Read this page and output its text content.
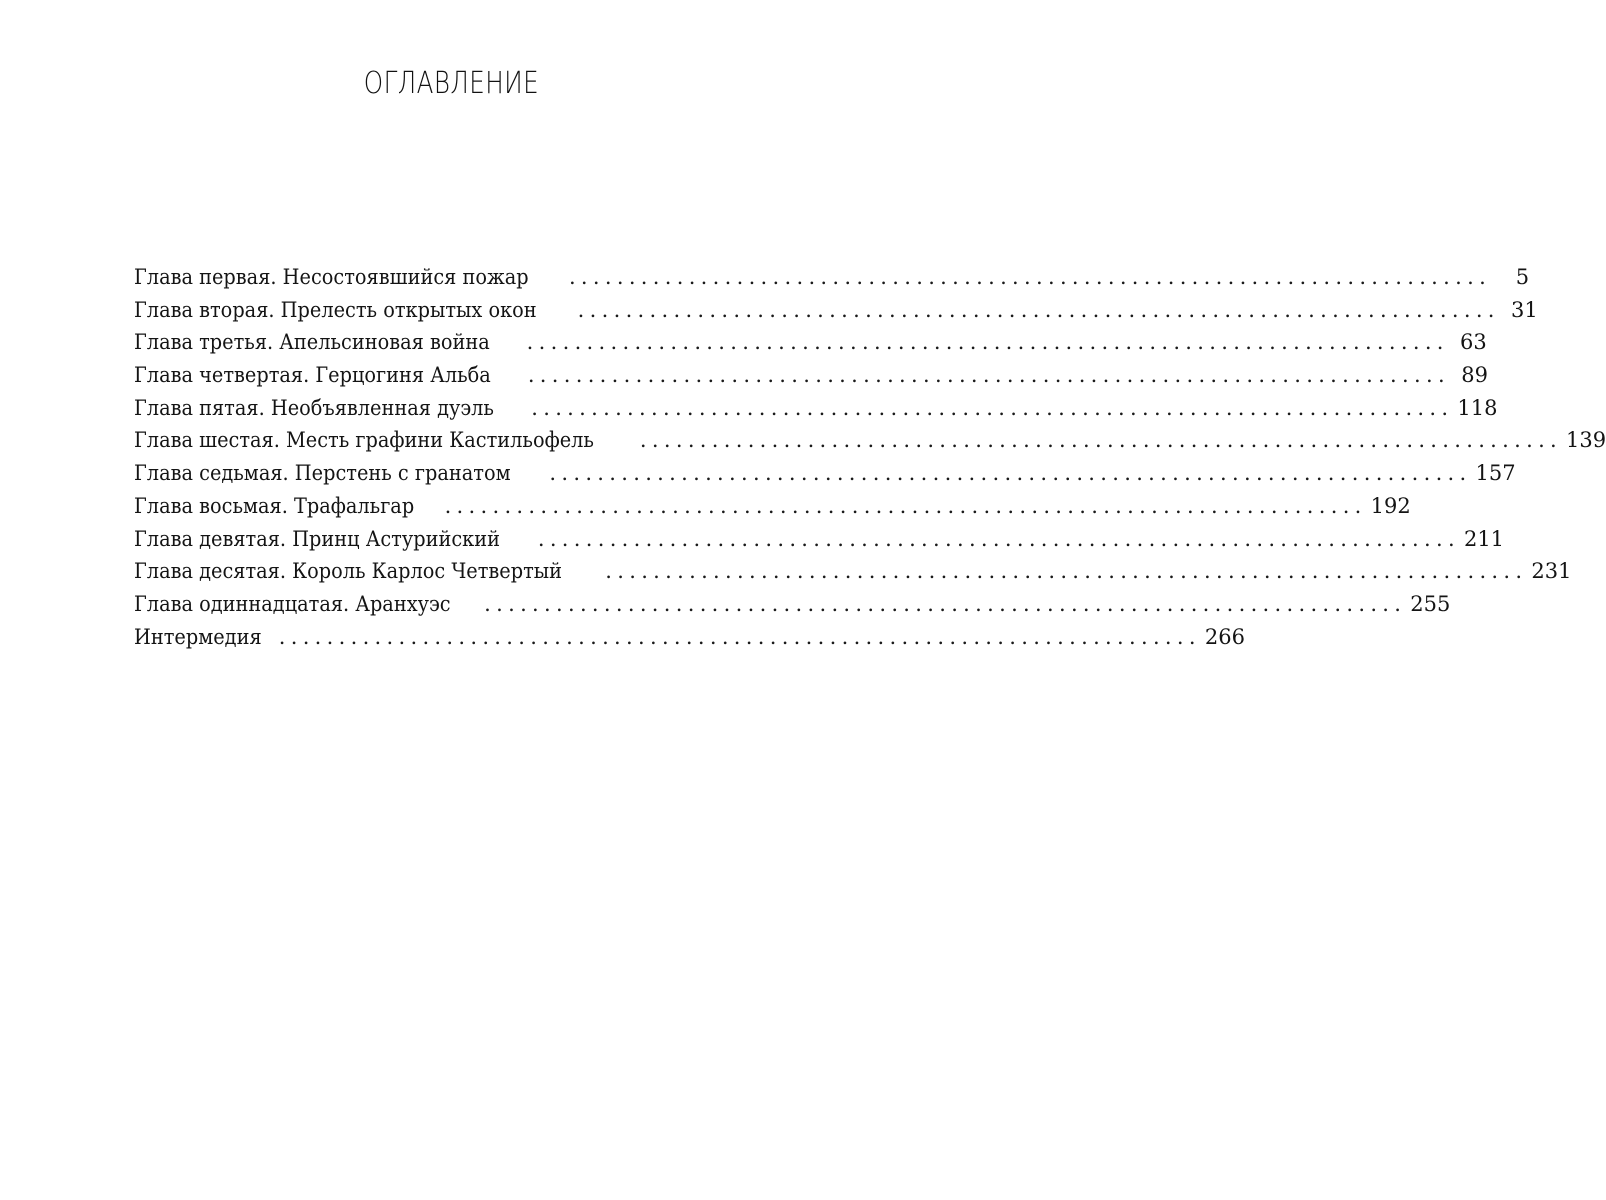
ОГЛАВЛЕНИЕ
Глава первая. Несостоявшийся пожар .............................................................................	5
Глава вторая. Прелесть открытых окон ............................................................................. 31
Глава третья. Апельсиновая война ............................................................................. 63
Глава четвертая. Герцогиня Альба ............................................................................. 89
Глава пятая. Необъявленная дуэль ............................................................................. 118
Глава шестая. Месть графини Кастильофель ............................................................................. 139
Глава седьмая. Перстень с гранатом ............................................................................. 157
Глава восьмая. Трафальгар ............................................................................. 192
Глава девятая. Принц Астурийский ............................................................................. 211
Глава десятая. Король Карлос Четвертый ............................................................................. 231
Глава одиннадцатая. Аранхуэс ............................................................................. 255
Интермедия ............................................................................. 266
